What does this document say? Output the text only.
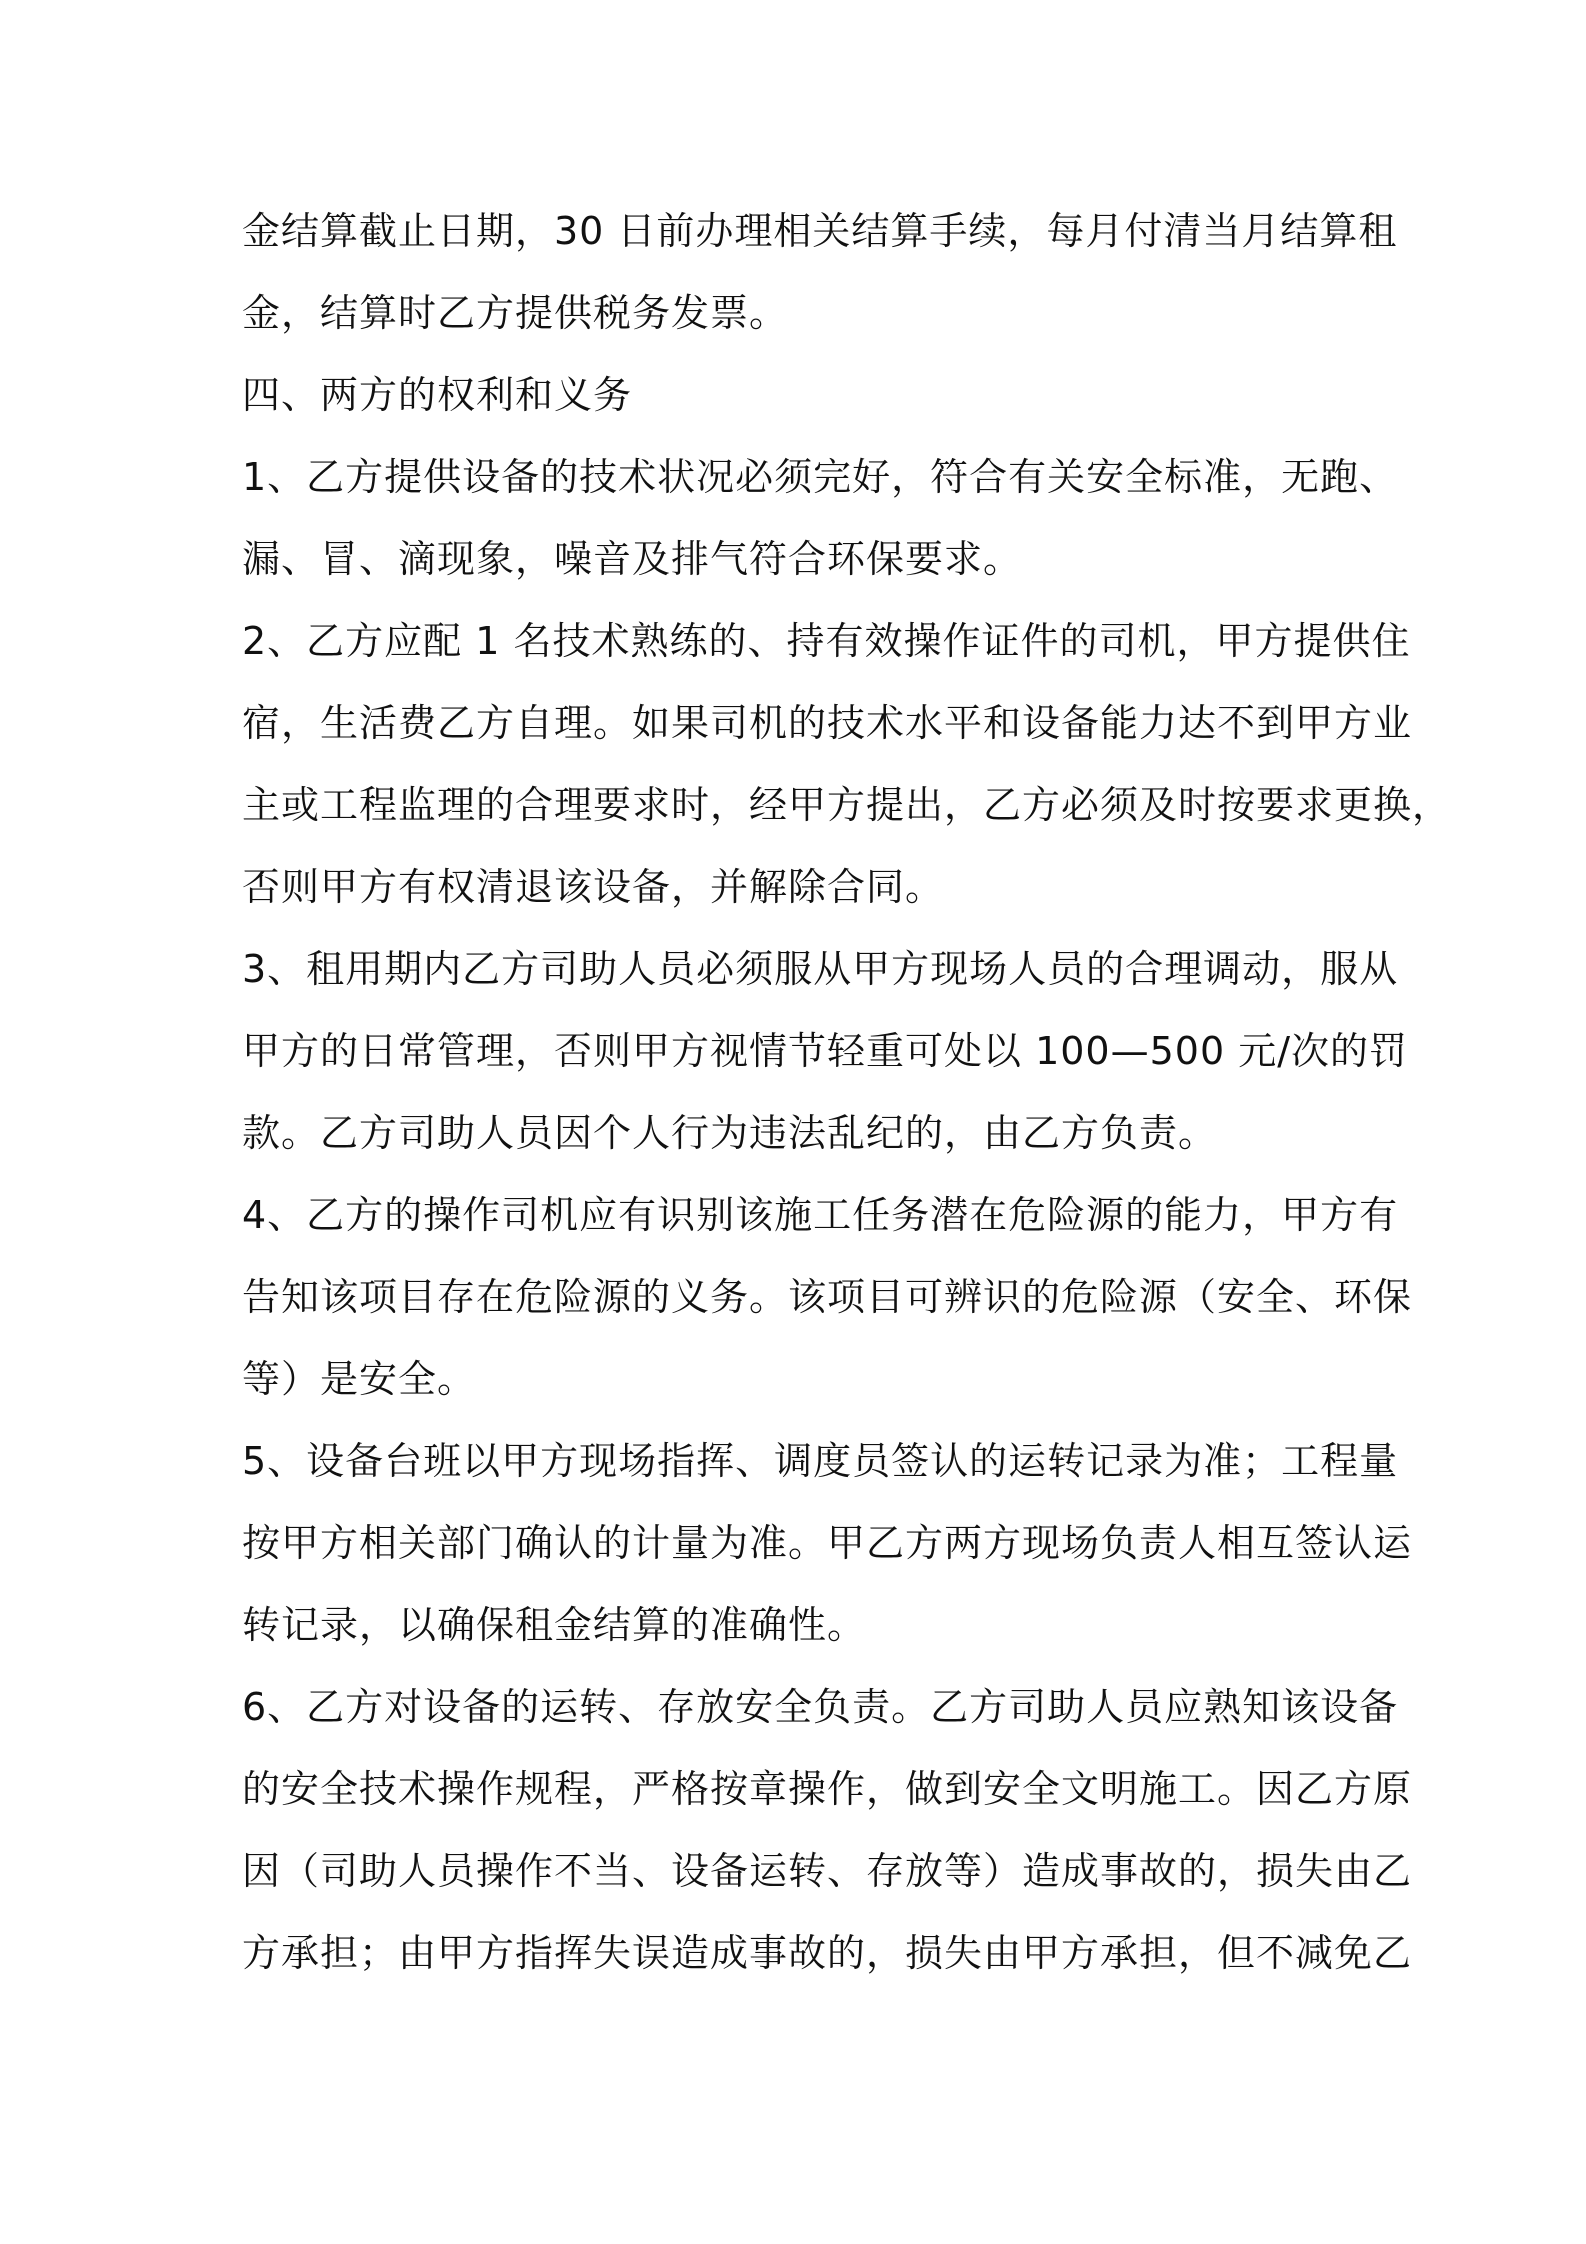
金结算截止日期，30 日前办理相关结算手续，每月付清当月结算租
金，结算时乙方提供税务发票。
四、两方的权利和义务
1、乙方提供设备的技术状况必须完好，符合有关安全标准，无跑、
漏、冒、滴现象，噪音及排气符合环保要求。
2、乙方应配 1 名技术熟练的、持有效操作证件的司机，甲方提供住
宿，生活费乙方自理。如果司机的技术水平和设备能力达不到甲方业
主或工程监理的合理要求时，经甲方提出，乙方必须及时按要求更换，
否则甲方有权清退该设备，并解除合同。
3、租用期内乙方司助人员必须服从甲方现场人员的合理调动，服从
甲方的日常管理，否则甲方视情节轻重可处以 100—500 元/次的罚
款。乙方司助人员因个人行为违法乱纪的，由乙方负责。
4、乙方的操作司机应有识别该施工任务潜在危险源的能力，甲方有
告知该项目存在危险源的义务。该项目可辨识的危险源（安全、环保
等）是安全。
5、设备台班以甲方现场指挥、调度员签认的运转记录为准；工程量
按甲方相关部门确认的计量为准。甲乙方两方现场负责人相互签认运
转记录，以确保租金结算的准确性。
6、乙方对设备的运转、存放安全负责。乙方司助人员应熟知该设备
的安全技术操作规程，严格按章操作，做到安全文明施工。因乙方原
因（司助人员操作不当、设备运转、存放等）造成事故的，损失由乙
方承担；由甲方指挥失误造成事故的，损失由甲方承担，但不减免乙
